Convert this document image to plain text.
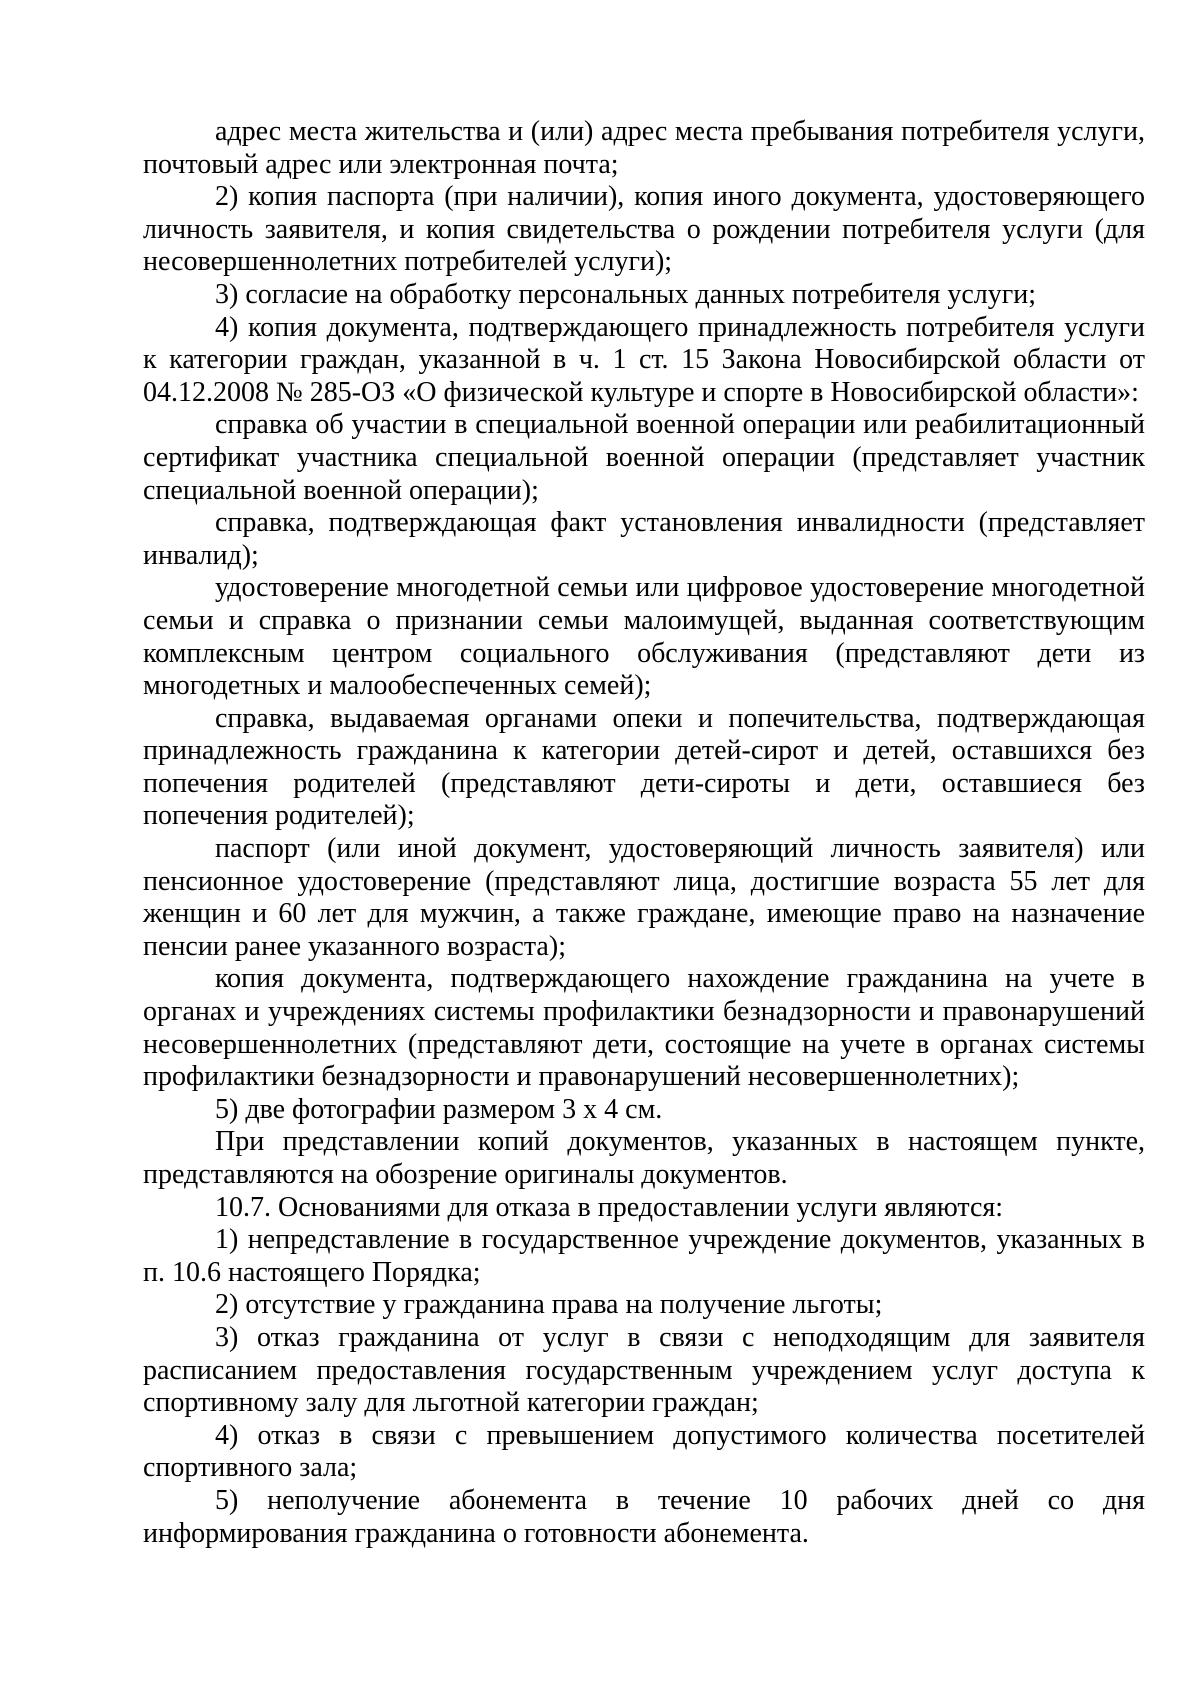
адрес места жительства и (или) адрес места пребывания потребителя услуги, почтовый адрес или электронная почта;

2) копия паспорта (при наличии), копия иного документа, удостоверяющего личность заявителя, и копия свидетельства о рождении потребителя услуги (для несовершеннолетних потребителей услуги);

3) согласие на обработку персональных данных потребителя услуги;

4) копия документа, подтверждающего принадлежность потребителя услуги к категории граждан, указанной в ч. 1 ст. 15 Закона Новосибирской области от 04.12.2008 № 285-ОЗ «О физической культуре и спорте в Новосибирской области»:

справка об участии в специальной военной операции или реабилитационный сертификат участника специальной военной операции (представляет участник специальной военной операции);

справка, подтверждающая факт установления инвалидности (представляет инвалид);

удостоверение многодетной семьи или цифровое удостоверение многодетной семьи и справка о признании семьи малоимущей, выданная соответствующим комплексным центром социального обслуживания (представляют дети из многодетных и малообеспеченных семей);

справка, выдаваемая органами опеки и попечительства, подтверждающая принадлежность гражданина к категории детей-сирот и детей, оставшихся без попечения родителей (представляют дети-сироты и дети, оставшиеся без попечения родителей);

паспорт (или иной документ, удостоверяющий личность заявителя) или пенсионное удостоверение (представляют лица, достигшие возраста 55 лет для женщин и 60 лет для мужчин, а также граждане, имеющие право на назначение пенсии ранее указанного возраста);

копия документа, подтверждающего нахождение гражданина на учете в органах и учреждениях системы профилактики безнадзорности и правонарушений несовершеннолетних (представляют дети, состоящие на учете в органах системы профилактики безнадзорности и правонарушений несовершеннолетних);

5) две фотографии размером 3 х 4 см.

При представлении копий документов, указанных в настоящем пункте, представляются на обозрение оригиналы документов.

10.7. Основаниями для отказа в предоставлении услуги являются:

1) непредставление в государственное учреждение документов, указанных в п. 10.6 настоящего Порядка;

2) отсутствие у гражданина права на получение льготы;

3) отказ гражданина от услуг в связи с неподходящим для заявителя расписанием предоставления государственным учреждением услуг доступа к спортивному залу для льготной категории граждан;

4) отказ в связи с превышением допустимого количества посетителей спортивного зала;

5) неполучение абонемента в течение 10 рабочих дней со дня информирования гражданина о готовности абонемента.
